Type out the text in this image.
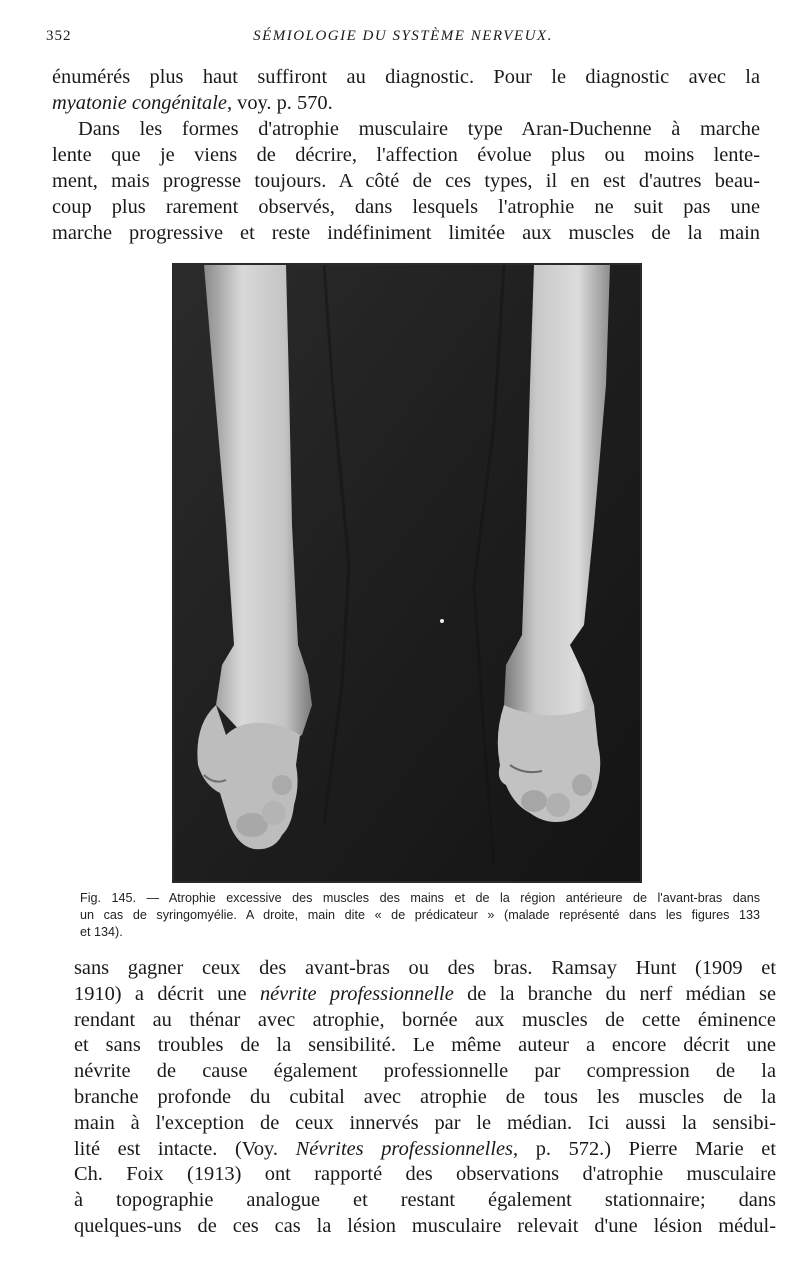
352	SÉMIOLOGIE DU SYSTÈME NERVEUX.

énumérés plus haut suffiront au diagnostic. Pour le diagnostic avec la
myatonie congénitale, voy. p. 570.

Dans les formes d'atrophie musculaire type Aran-Duchenne à marche
lente que je viens de décrire, l'affection évolue plus ou moins lente-
ment, mais progresse toujours. A côté de ces types, il en est d'autres beau-
coup plus rarement observés, dans lesquels l'atrophie ne suit pas une
marche progressive et reste indéfiniment limitée aux muscles de la main

Fig. 145. — Atrophie excessive des muscles des mains et de la région antérieure de l'avant-bras dans
un cas de syringomyélie. A droite, main dite « de prédicateur » (malade représenté dans les figures 133
et 134).

sans gagner ceux des avant-bras ou des bras. Ramsay Hunt (1909 et
1910) a décrit une névrite professionnelle de la branche du nerf médian se
rendant au thénar avec atrophie, bornée aux muscles de cette éminence
et sans troubles de la sensibilité. Le même auteur a encore décrit une
névrite de cause également professionnelle par compression de la
branche profonde du cubital avec atrophie de tous les muscles de la
main à l'exception de ceux innervés par le médian. Ici aussi la sensibi-
lité est intacte. (Voy. Névrites professionnelles, p. 572.) Pierre Marie et
Ch. Foix (1913) ont rapporté des observations d'atrophie musculaire
à topographie analogue et restant également stationnaire; dans
quelques-uns de ces cas la lésion musculaire relevait d'une lésion médul-
